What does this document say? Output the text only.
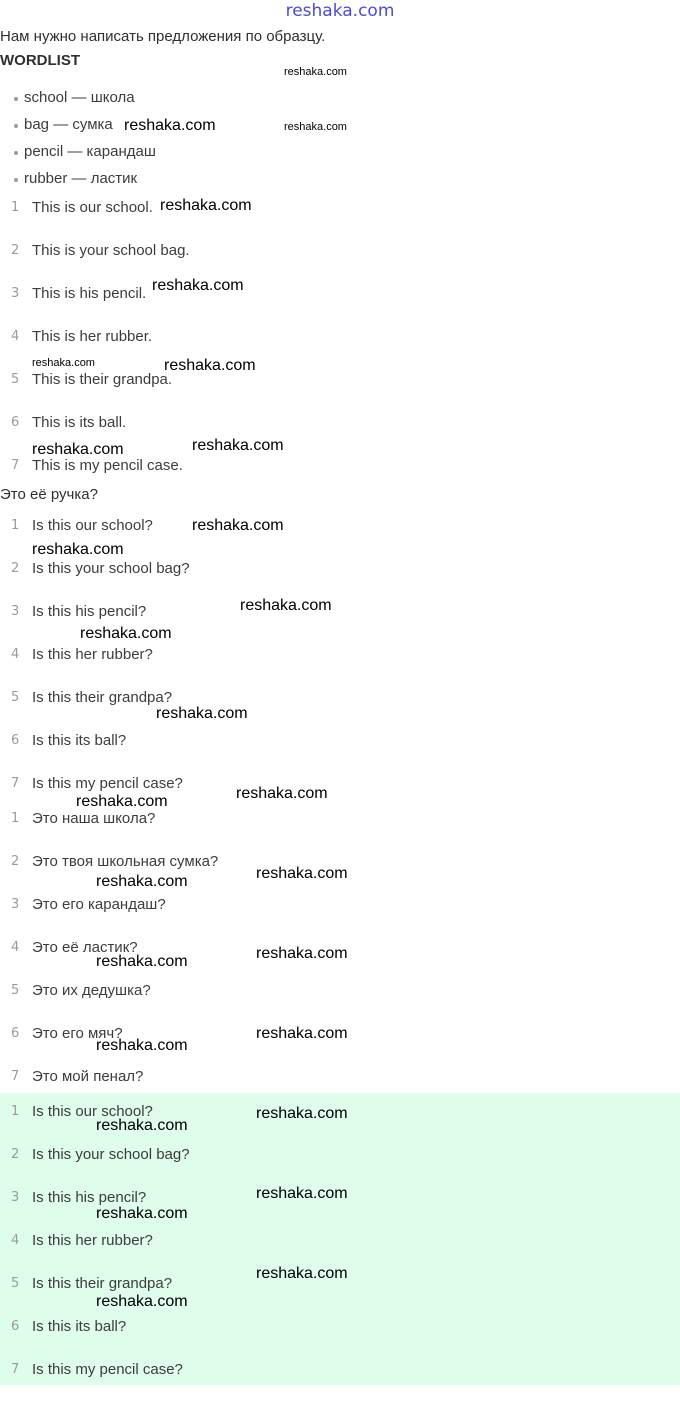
reshaka.com
Нам нужно написать предложения по образцу.
WORDLIST
school — школа
bag — сумка
pencil — карандаш
rubber — ластик
1 This is our school.
2 This is your school bag.
3 This is his pencil.
4 This is her rubber.
5 This is their grandpa.
6 This is its ball.
7 This is my pencil case.
Это её ручка?
1 Is this our school?
2 Is this your school bag?
3 Is this his pencil?
4 Is this her rubber?
5 Is this their grandpa?
6 Is this its ball?
7 Is this my pencil case?
1 Это наша школа?
2 Это твоя школьная сумка?
3 Это его карандаш?
4 Это её ластик?
5 Это их дедушка?
6 Это его мяч?
7 Это мой пенал?
1 Is this our school?
2 Is this your school bag?
3 Is this his pencil?
4 Is this her rubber?
5 Is this their grandpa?
6 Is this its ball?
7 Is this my pencil case?
reshaka.com
reshaka.com	reshaka.com
reshaka.com
reshaka.com
reshaka.com	reshaka.com
reshaka.com	reshaka.com
reshaka.com
reshaka.com
reshaka.com
reshaka.com
reshaka.com
reshaka.com
reshaka.com
reshaka.com
reshaka.com
reshaka.com
reshaka.com
reshaka.com
reshaka.com
reshaka.com
reshaka.com
reshaka.com
reshaka.com
reshaka.com
reshaka.com
